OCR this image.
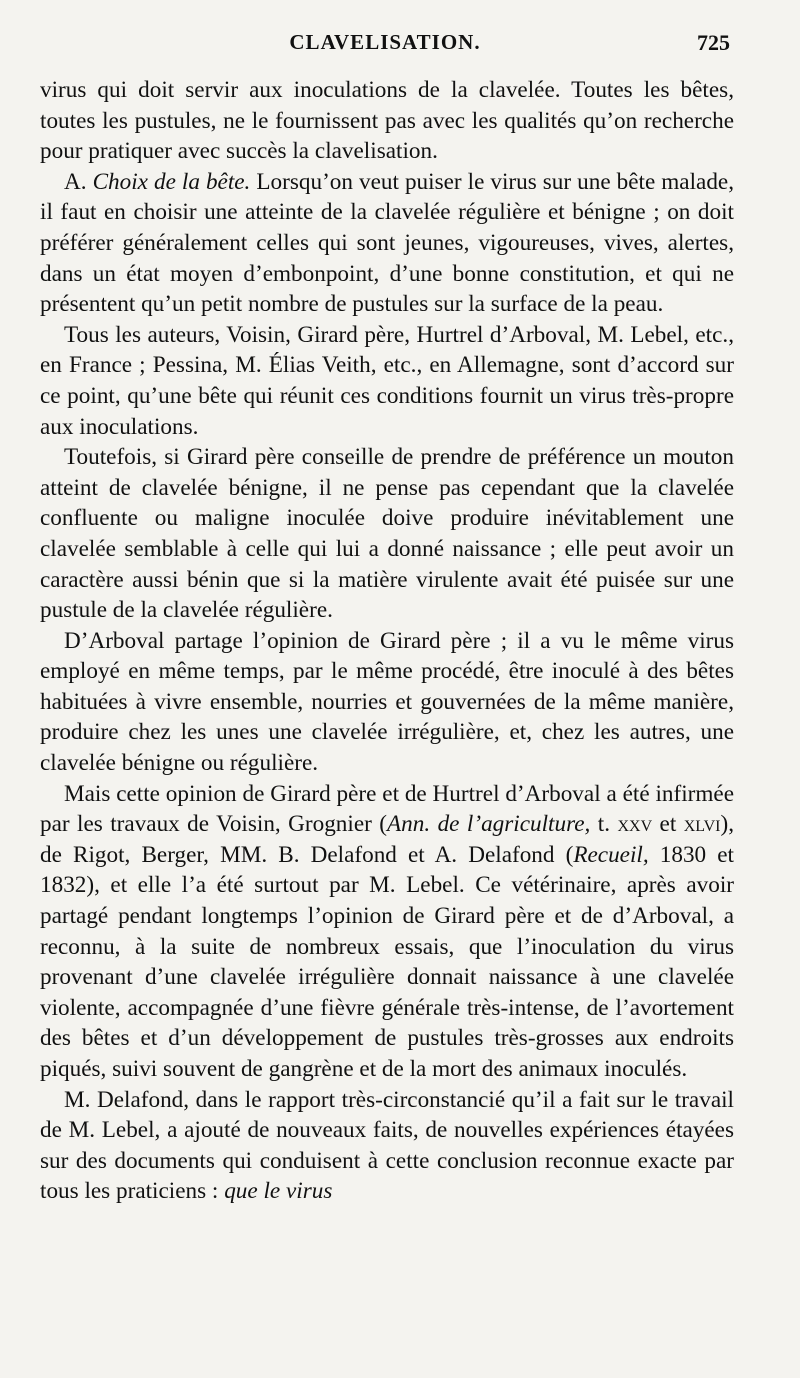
CLAVELISATION.	725

virus qui doit servir aux inoculations de la clavelée. Toutes les bêtes, toutes les pustules, ne le fournissent pas avec les qualités qu’on recherche pour pratiquer avec succès la clavelisation.

A. Choix de la bête. Lorsqu’on veut puiser le virus sur une bête malade, il faut en choisir une atteinte de la clavelée régulière et bénigne ; on doit préférer généralement celles qui sont jeunes, vigoureuses, vives, alertes, dans un état moyen d’embonpoint, d’une bonne constitution, et qui ne présentent qu’un petit nombre de pustules sur la surface de la peau.

Tous les auteurs, Voisin, Girard père, Hurtrel d’Arboval, M. Lebel, etc., en France ; Pessina, M. Élias Veith, etc., en Allemagne, sont d’accord sur ce point, qu’une bête qui réunit ces conditions fournit un virus très-propre aux inoculations.

Toutefois, si Girard père conseille de prendre de préférence un mouton atteint de clavelée bénigne, il ne pense pas cependant que la clavelée confluente ou maligne inoculée doive produire inévitablement une clavelée semblable à celle qui lui a donné naissance ; elle peut avoir un caractère aussi bénin que si la matière virulente avait été puisée sur une pustule de la clavelée régulière.

D’Arboval partage l’opinion de Girard père ; il a vu le même virus employé en même temps, par le même procédé, être inoculé à des bêtes habituées à vivre ensemble, nourries et gouvernées de la même manière, produire chez les unes une clavelée irrégulière, et, chez les autres, une clavelée bénigne ou régulière.

Mais cette opinion de Girard père et de Hurtrel d’Arboval a été infirmée par les travaux de Voisin, Grognier (Ann. de l’agriculture, t. xxv et xlvi), de Rigot, Berger, MM. B. Delafond et A. Delafond (Recueil, 1830 et 1832), et elle l’a été surtout par M. Lebel. Ce vétérinaire, après avoir partagé pendant longtemps l’opinion de Girard père et de d’Arboval, a reconnu, à la suite de nombreux essais, que l’inoculation du virus provenant d’une clavelée irrégulière donnait naissance à une clavelée violente, accompagnée d’une fièvre générale très-intense, de l’avortement des bêtes et d’un développement de pustules très-grosses aux endroits piqués, suivi souvent de gangrène et de la mort des animaux inoculés.

M. Delafond, dans le rapport très-circonstancié qu’il a fait sur le travail de M. Lebel, a ajouté de nouveaux faits, de nouvelles expériences étayées sur des documents qui conduisent à cette conclusion reconnue exacte par tous les praticiens : que le virus
